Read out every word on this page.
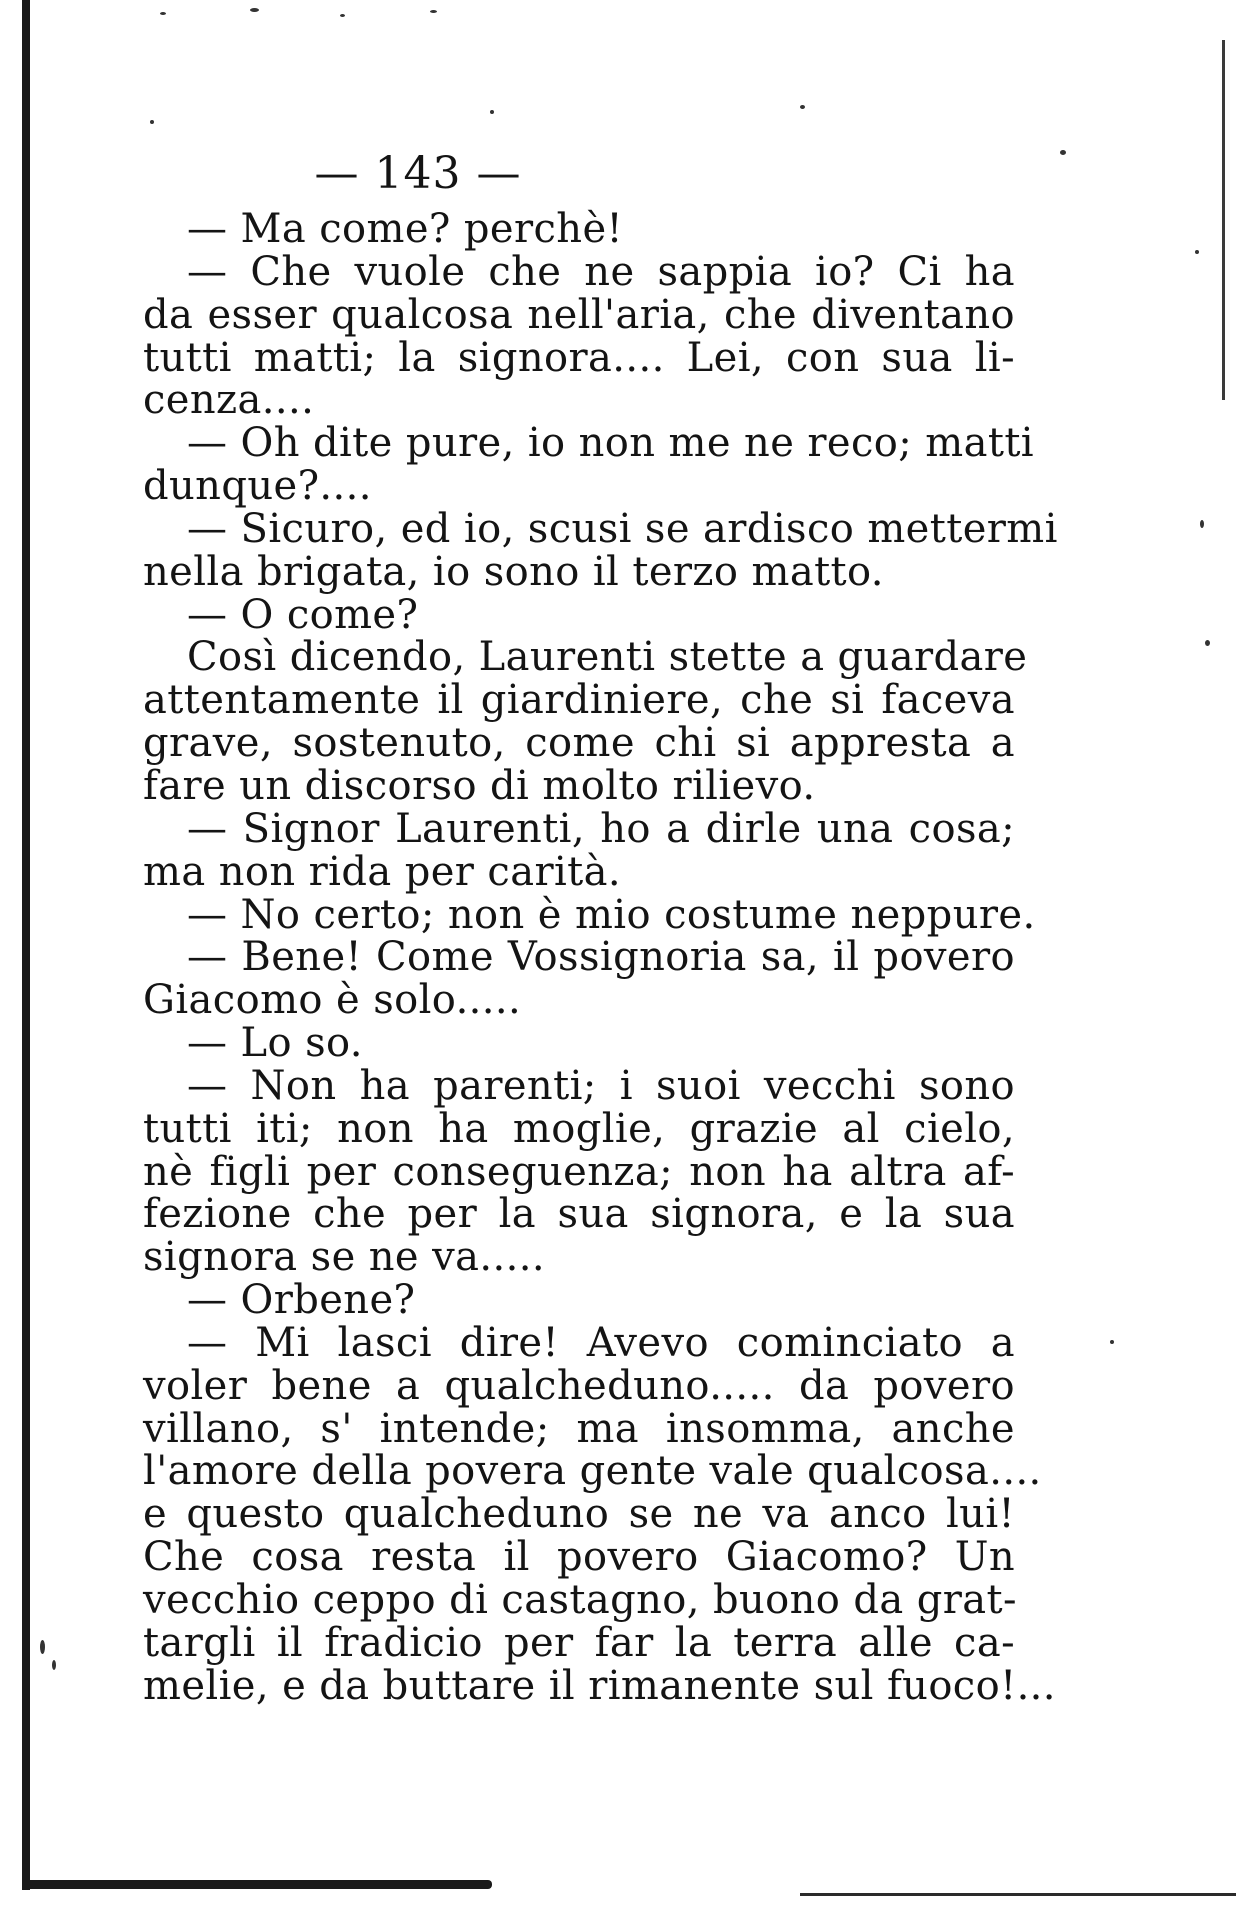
— 143 —
— Ma come? perchè!
— Che vuole che ne sappia io? Ci ha
da esser qualcosa nell'aria, che diventano
tutti matti; la signora.... Lei, con sua li-
cenza....
— Oh dite pure, io non me ne reco; matti
dunque?....
— Sicuro, ed io, scusi se ardisco mettermi
nella brigata, io sono il terzo matto.
— O come?
Così dicendo, Laurenti stette a guardare
attentamente il giardiniere, che si faceva
grave, sostenuto, come chi si appresta a
fare un discorso di molto rilievo.
— Signor Laurenti, ho a dirle una cosa;
ma non rida per carità.
— No certo; non è mio costume neppure.
— Bene! Come Vossignoria sa, il povero
Giacomo è solo.....
— Lo so.
— Non ha parenti; i suoi vecchi sono
tutti iti; non ha moglie, grazie al cielo,
nè figli per conseguenza; non ha altra af-
fezione che per la sua signora, e la sua
signora se ne va.....
— Orbene?
— Mi lasci dire! Avevo cominciato a
voler bene a qualcheduno..... da povero
villano, s' intende; ma insomma, anche
l'amore della povera gente vale qualcosa....
e questo qualcheduno se ne va anco lui!
Che cosa resta il povero Giacomo? Un
vecchio ceppo di castagno, buono da grat-
targli il fradicio per far la terra alle ca-
melie, e da buttare il rimanente sul fuoco!...
